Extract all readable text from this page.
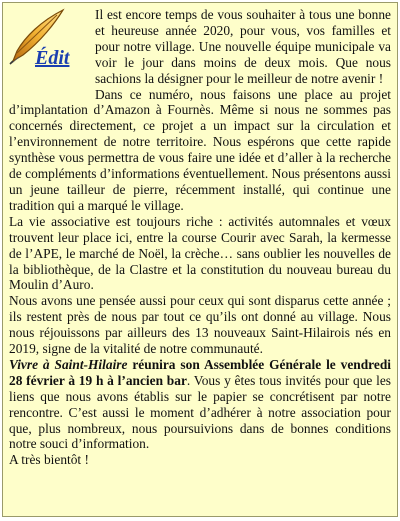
Édit

Il est encore temps de vous souhaiter à tous une bonne et heureuse année 2020, pour vous, vos familles et pour notre village. Une nouvelle équipe municipale va voir le jour dans moins de deux mois. Que nous sachions la désigner pour le meilleur de notre avenir !

Dans ce numéro, nous faisons une place au projet d’implantation d’Amazon à Fournès. Même si nous ne sommes pas concernés directement, ce projet a un impact sur la circulation et l’environnement de notre territoire. Nous espérons que cette rapide synthèse vous permettra de vous faire une idée et d’aller à la recherche de compléments d’informations éventuellement. Nous présentons aussi un jeune tailleur de pierre, récemment installé, qui continue une tradition qui a marqué le village.

La vie associative est toujours riche : activités automnales et vœux trouvent leur place ici, entre la course Courir avec Sarah, la kermesse de l’APE, le marché de Noël, la crèche… sans oublier les nouvelles de la bibliothèque, de la Clastre et la constitution du nouveau bureau du Moulin d’Auro.

Nous avons une pensée aussi pour ceux qui sont disparus cette année ; ils restent près de nous par tout ce qu’ils ont donné au village. Nous nous réjouissons par ailleurs des 13 nouveaux Saint-Hilairois nés en 2019, signe de la vitalité de notre communauté.

Vivre à Saint-Hilaire réunira son Assemblée Générale le vendredi 28 février à 19 h à l’ancien bar. Vous y êtes tous invités pour que les liens que nous avons établis sur le papier se concrétisent par notre rencontre. C’est aussi le moment d’adhérer à notre association pour que, plus nombreux, nous poursuivions dans de bonnes conditions notre souci d’information.

A très bientôt !
